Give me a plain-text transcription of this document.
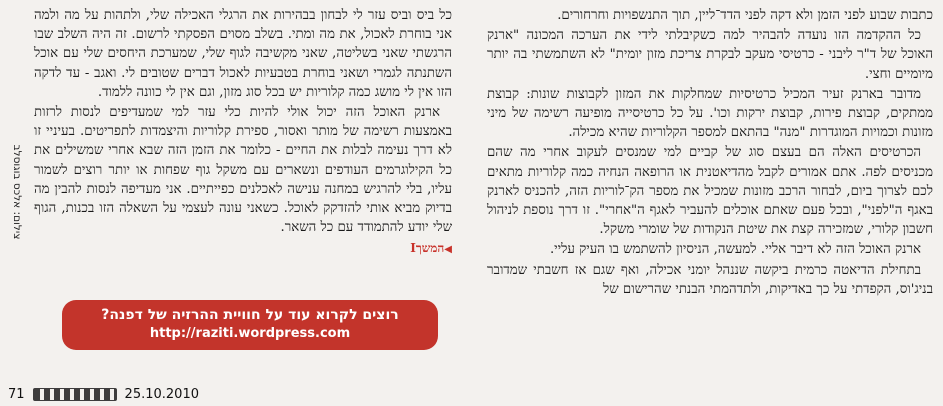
כתבות שבוע לפני הזמן ולא דקה לפני הדד־ליין, תוך התנשפויות וחרחורים.

כל ההקדמה הזו נועדה להבהיר למה כשקיבלתי לידי את הערכה המכונה "ארנק האוכל של ד"ר ליבני - כרטיסי מעקב לבקרת צריכת מזון יומית" לא השתמשתי בה יותר מיומיים וחצי.

מדובר בארנק זעיר המכיל כרטיסיות שמחלקות את המזון לקבוצות שונות: קבוצת ממתקים, קבוצת פירות, קבוצת ירקות וכו'. על כל כרטיסייה מופיעה רשימה של מיני מזונות וכמויות המוגדרות "מנה" בהתאם למספר הקלוריות שהיא מכילה.

הכרטיסים האלה הם בעצם סוג של קביים למי שמנסים לעקוב אחרי מה שהם מכניסים לפה. אתם אמורים לקבל מהדיאטנית או הרופאה הנחיה כמה קלוריות מתאים לכם לצרוך ביום, לבחור הרכב מזונות שמכיל את מספר הק־לוריות הזה, להכניס לארנק באגף ה"לפני", ובכל פעם שאתם אוכלים להעביר לאגף ה"אחרי". זו דרך נוספת לניהול חשבון קלורי, שמזכירה קצת את שיטת הנקודות של שומרי משקל.

ארנק האוכל הזה לא דיבר אליי. למעשה, הניסיון להשתמש בו העיק עליי.

בתחילת הדיאטה כרמית ביקשה שננהל יומני אכילה, ואף שגם אז חשבתי שמדובר בניג'וס, הקפדתי על כך באדיקות, ולתדהמתי הבנתי שהרישום של

כל ביס וביס עזר לי לבחון בבהירות את הרגלי האכילה שלי, ולתהות על מה ולמה אני בוחרת לאכול, את מה ומתי. בשלב מסוים הפסקתי לרשום. זה היה השלב שבו הרגשתי שאני בשליטה, שאני מקשיבה לגוף שלי, שמערכת היחסים שלי עם אוכל השתנתה לגמרי ושאני בוחרת בטבעיות לאכול דברים שטובים לי. ואגב - עד לדקה הזו אין לי מושג כמה קלוריות יש בכל סוג מזון, וגם אין לי כוונה ללמוד.

ארנק האוכל הזה יכול אולי להיות כלי עזר למי שמעדיפים לנסות לרזות באמצעות רשימה של מותר ואסור, ספירת קלוריות והיצמדות לתפריטים. בעיניי זו לא דרך נעימה לבלות את החיים - כלומר את הזמן הזה שבא אחרי שמשילים את כל הקילוגרמים העודפים ונשארים עם משקל גוף שפחות או יותר רוצים לשמור עליו, בלי להרגיש במחנה ענישה לאכלנים כפייתיים. אני מעדיפה לנסות להבין מה בדיוק מביא אותי להזדקק לאוכל. כשאני עונה לעצמי על השאלה הזו בכנות, הגוף שלי יודע להתמודד עם כל השאר.

◀המשךI
רוצים לקרוא עוד על חוויית ההרזיה של דפנה?
http://raziti.wordpress.com
צילום: אלכס בוגוסלב
71	25.10.2010
